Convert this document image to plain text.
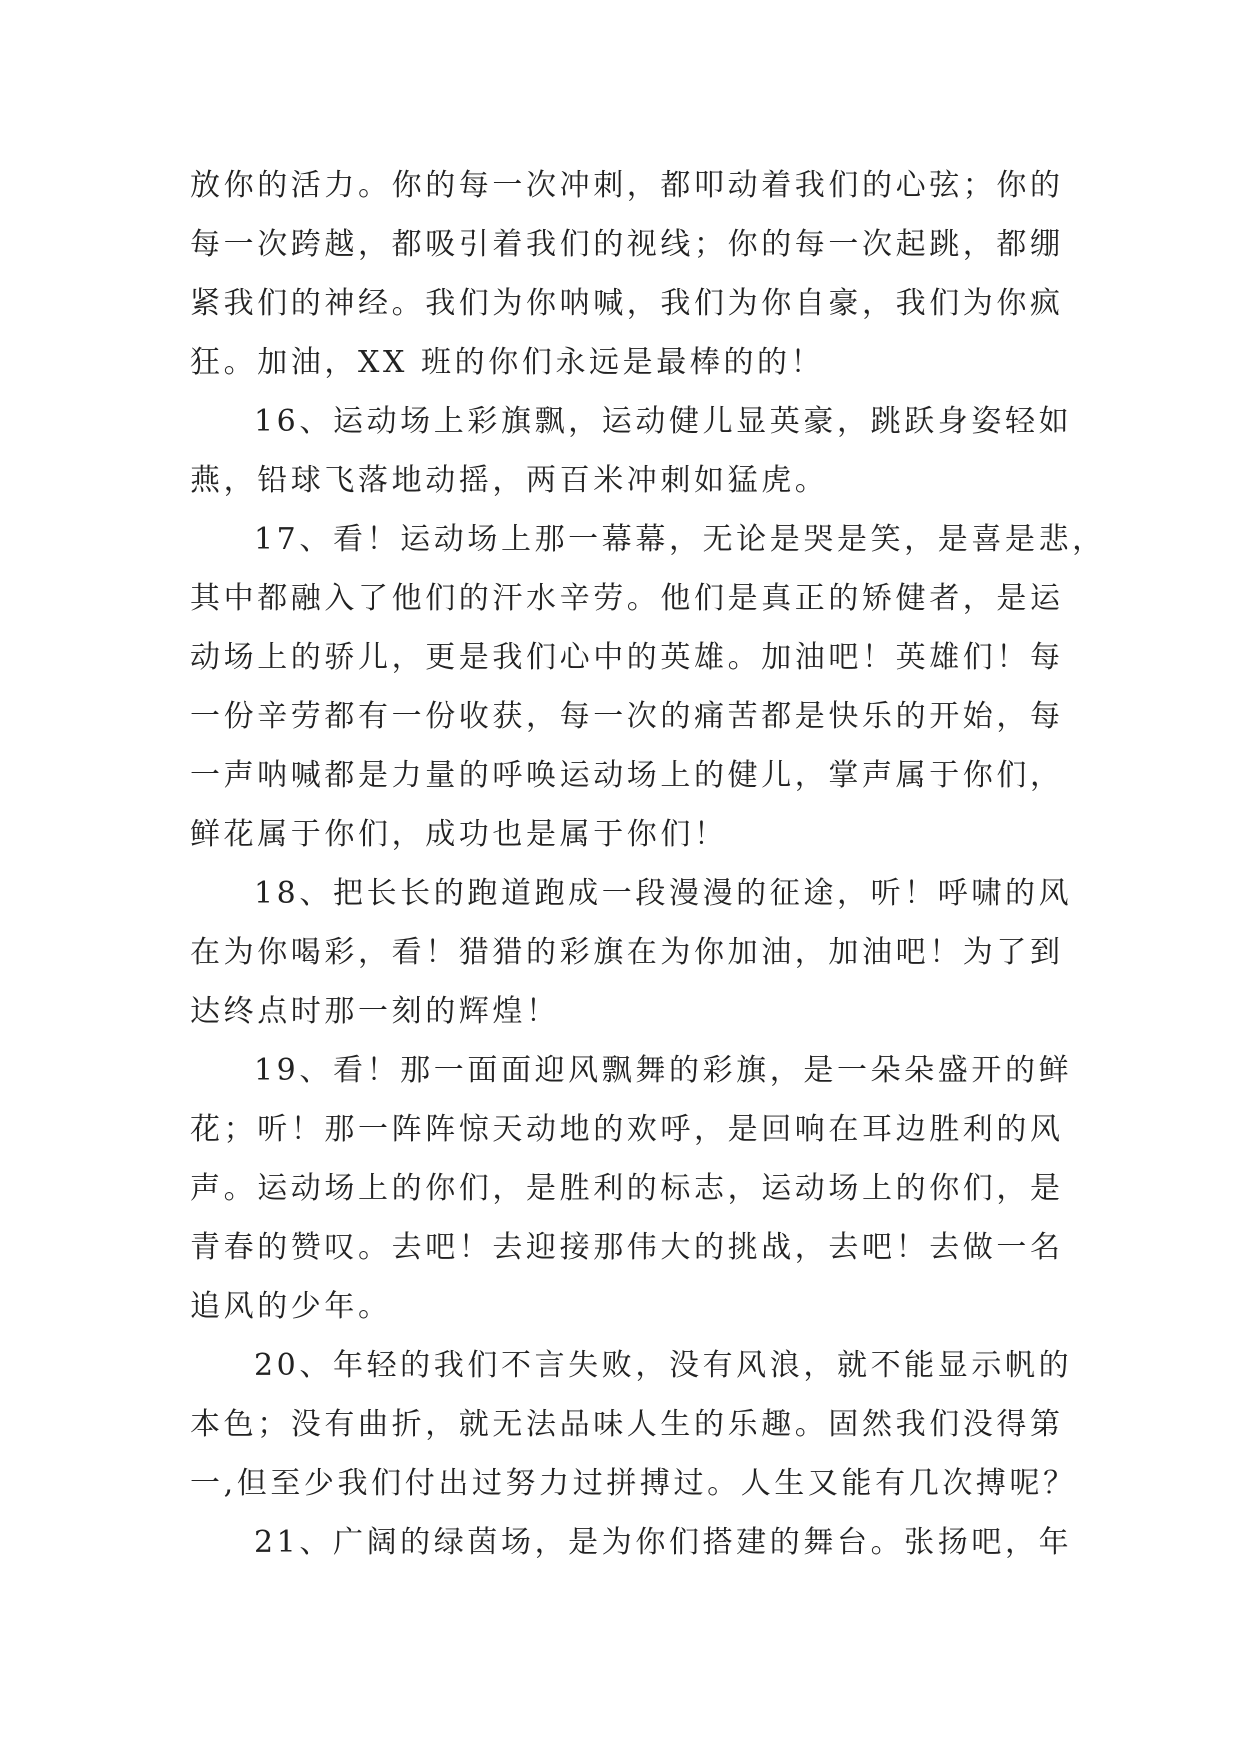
放你的活力。你的每一次冲刺，都叩动着我们的心弦；你的
每一次跨越，都吸引着我们的视线；你的每一次起跳，都绷
紧我们的神经。我们为你呐喊，我们为你自豪，我们为你疯
狂。加油，XX 班的你们永远是最棒的的！
16、运动场上彩旗飘，运动健儿显英豪，跳跃身姿轻如
燕，铅球飞落地动摇，两百米冲刺如猛虎。
17、看！运动场上那一幕幕，无论是哭是笑，是喜是悲，
其中都融入了他们的汗水辛劳。他们是真正的矫健者，是运
动场上的骄儿，更是我们心中的英雄。加油吧！英雄们！每
一份辛劳都有一份收获，每一次的痛苦都是快乐的开始，每
一声呐喊都是力量的呼唤运动场上的健儿，掌声属于你们，
鲜花属于你们，成功也是属于你们！
18、把长长的跑道跑成一段漫漫的征途，听！呼啸的风
在为你喝彩，看！猎猎的彩旗在为你加油，加油吧！为了到
达终点时那一刻的辉煌！
19、看！那一面面迎风飘舞的彩旗，是一朵朵盛开的鲜
花；听！那一阵阵惊天动地的欢呼，是回响在耳边胜利的风
声。运动场上的你们，是胜利的标志，运动场上的你们，是
青春的赞叹。去吧！去迎接那伟大的挑战，去吧！去做一名
追风的少年。
20、年轻的我们不言失败，没有风浪，就不能显示帆的
本色；没有曲折，就无法品味人生的乐趣。固然我们没得第
一,但至少我们付出过努力过拼搏过。人生又能有几次搏呢？
21、广阔的绿茵场，是为你们搭建的舞台。张扬吧，年
